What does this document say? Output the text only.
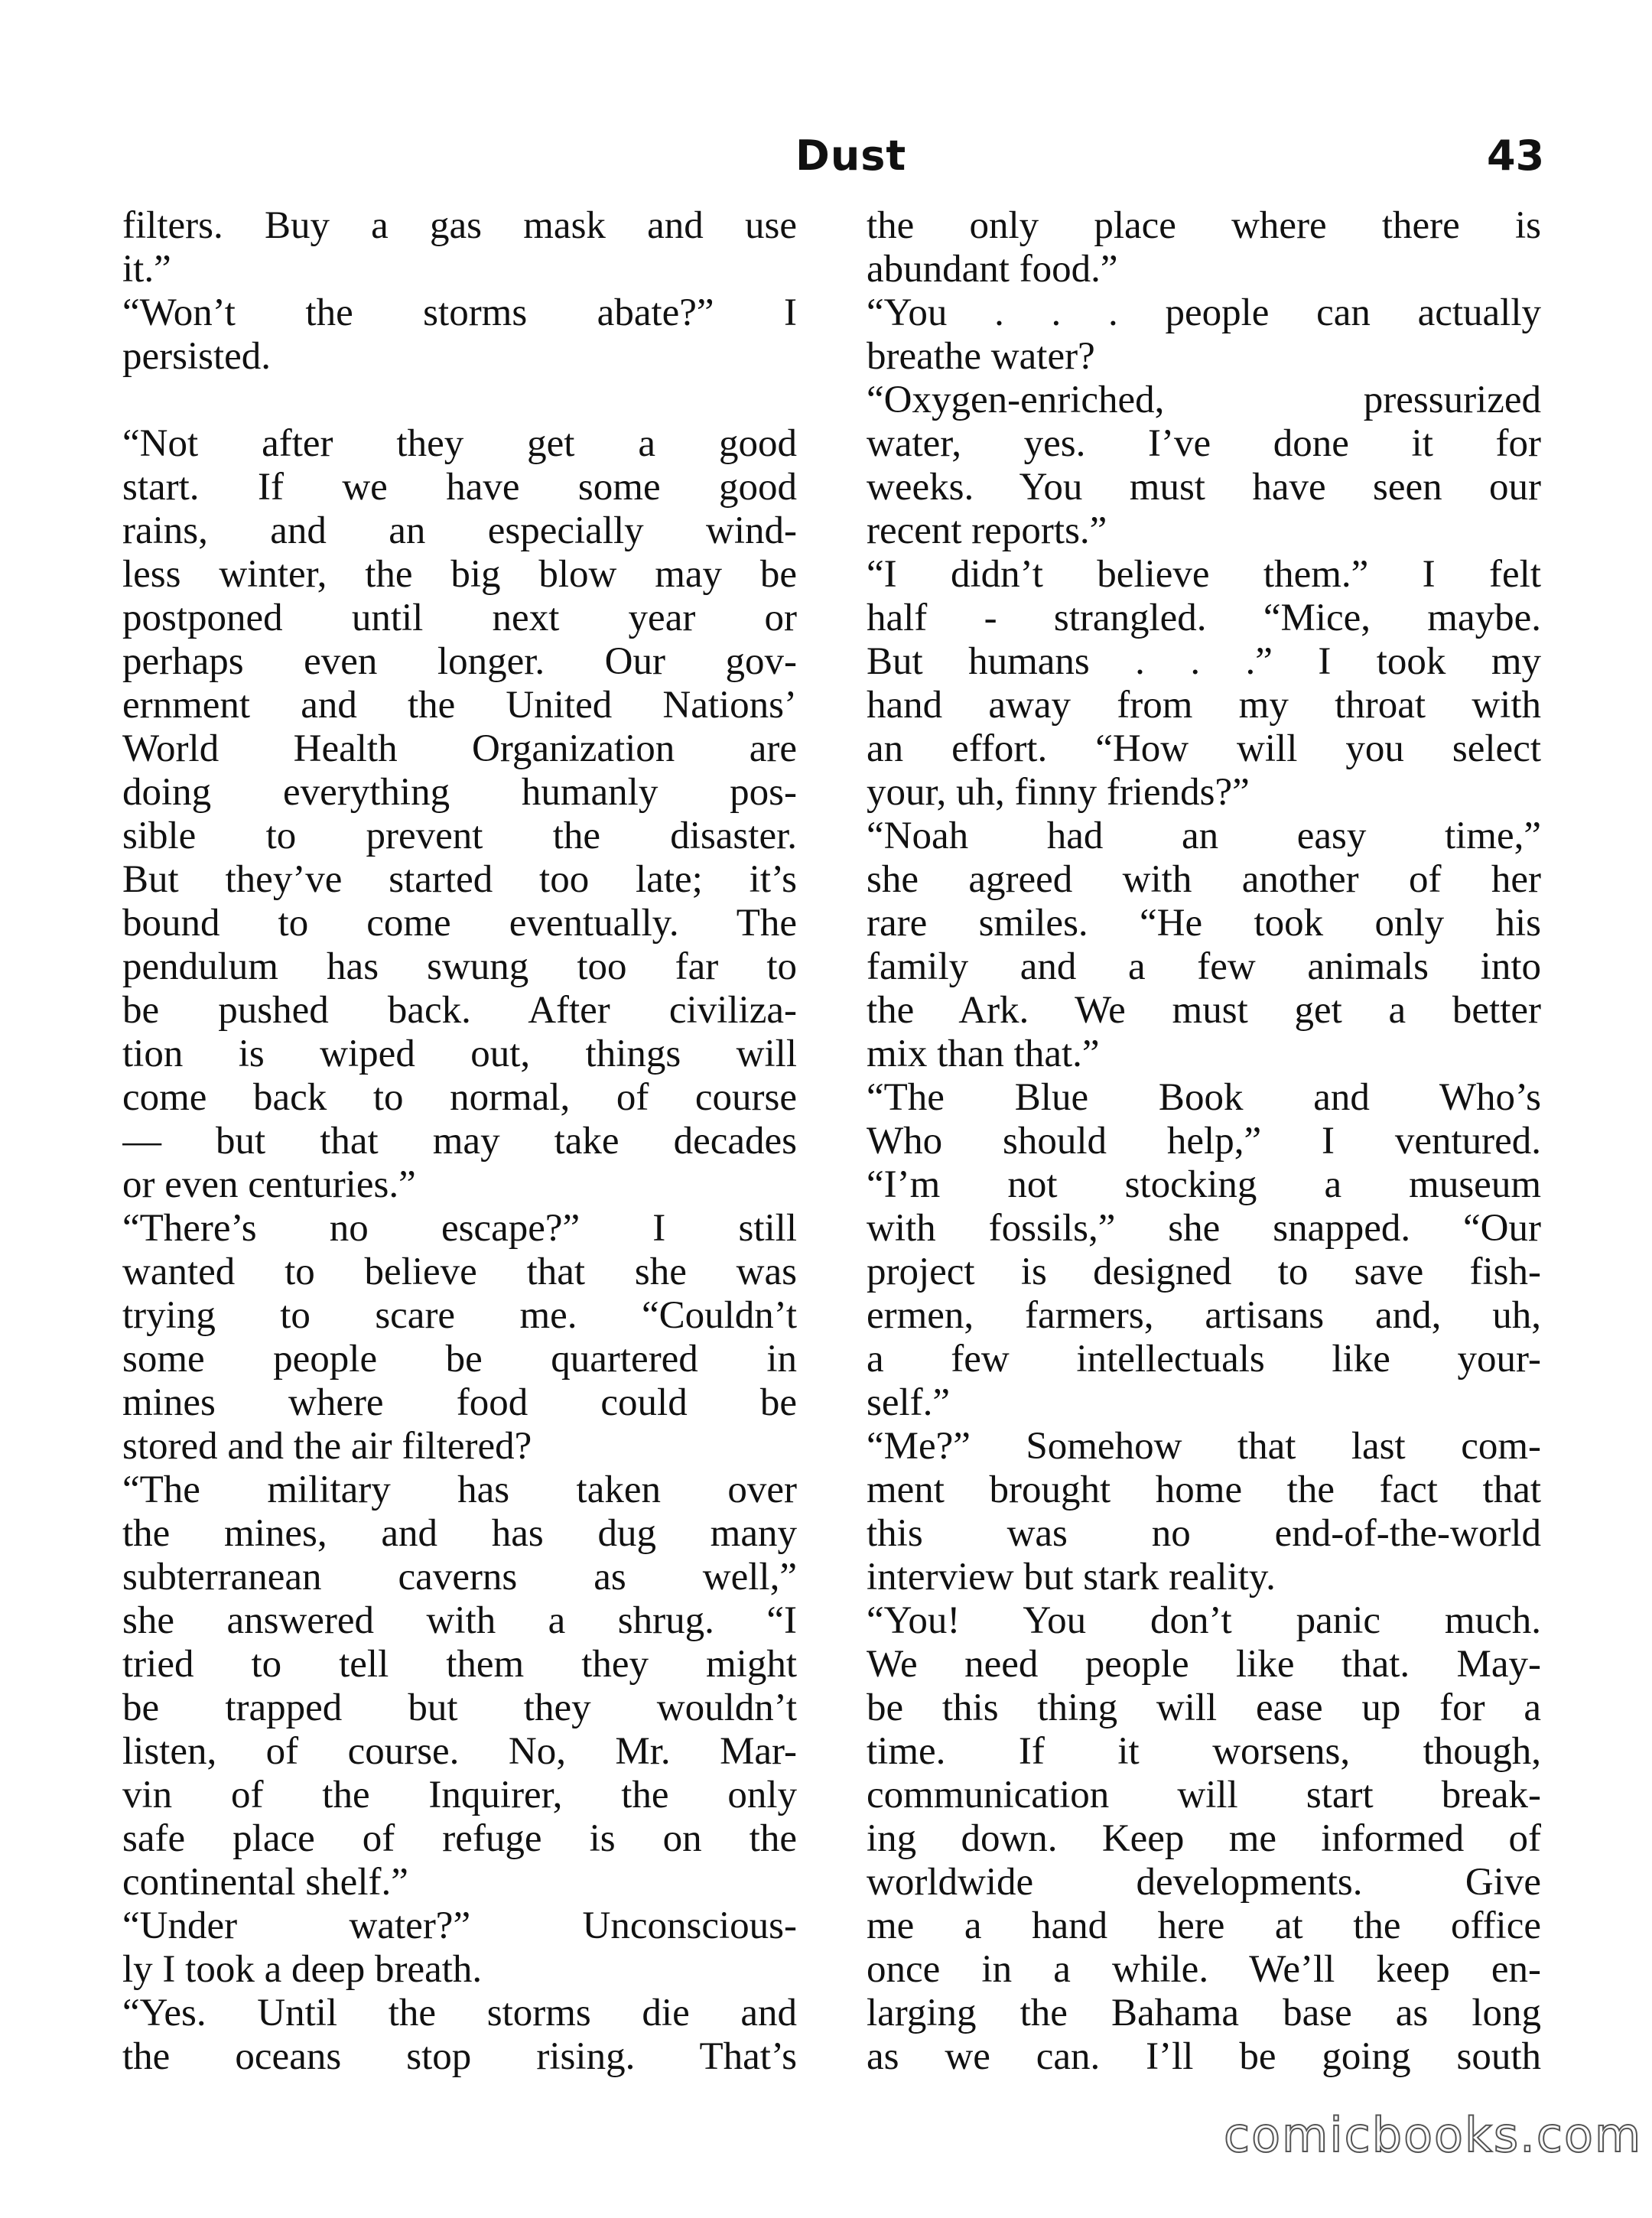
Dust	43
filters. Buy a gas mask and use
it.”
“Won’t the storms abate?” I
persisted.
“Not after they get a good
start. If we have some good
rains, and an especially wind-
less winter, the big blow may be
postponed until next year or
perhaps even longer. Our gov-
ernment and the United Nations’
World Health Organization are
doing everything humanly pos-
sible to prevent the disaster.
But they’ve started too late; it’s
bound to come eventually. The
pendulum has swung too far to
be pushed back. After civiliza-
tion is wiped out, things will
come back to normal, of course
— but that may take decades
or even centuries.”
“There’s no escape?” I still
wanted to believe that she was
trying to scare me. “Couldn’t
some people be quartered in
mines where food could be
stored and the air filtered?
“The military has taken over
the mines, and has dug many
subterranean caverns as well,”
she answered with a shrug. “I
tried to tell them they might
be trapped but they wouldn’t
listen, of course. No, Mr. Mar-
vin of the Inquirer, the only
safe place of refuge is on the
continental shelf.”
“Under water?” Unconscious-
ly I took a deep breath.
“Yes. Until the storms die and
the oceans stop rising. That’s
the only place where there is
abundant food.”
“You . . . people can actually
breathe water?
“Oxygen-enriched, pressurized
water, yes. I’ve done it for
weeks. You must have seen our
recent reports.”
“I didn’t believe them.” I felt
half - strangled. “Mice, maybe.
But humans . . .” I took my
hand away from my throat with
an effort. “How will you select
your, uh, finny friends?”
“Noah had an easy time,”
she agreed with another of her
rare smiles. “He took only his
family and a few animals into
the Ark. We must get a better
mix than that.”
“The Blue Book and Who’s
Who should help,” I ventured.
“I’m not stocking a museum
with fossils,” she snapped. “Our
project is designed to save fish-
ermen, farmers, artisans and, uh,
a few intellectuals like your-
self.”
“Me?” Somehow that last com-
ment brought home the fact that
this was no end-of-the-world
interview but stark reality.
“You! You don’t panic much.
We need people like that. May-
be this thing will ease up for a
time. If it worsens, though,
communication will start break-
ing down. Keep me informed of
worldwide developments. Give
me a hand here at the office
once in a while. We’ll keep en-
larging the Bahama base as long
as we can. I’ll be going south
comicbooks.com
